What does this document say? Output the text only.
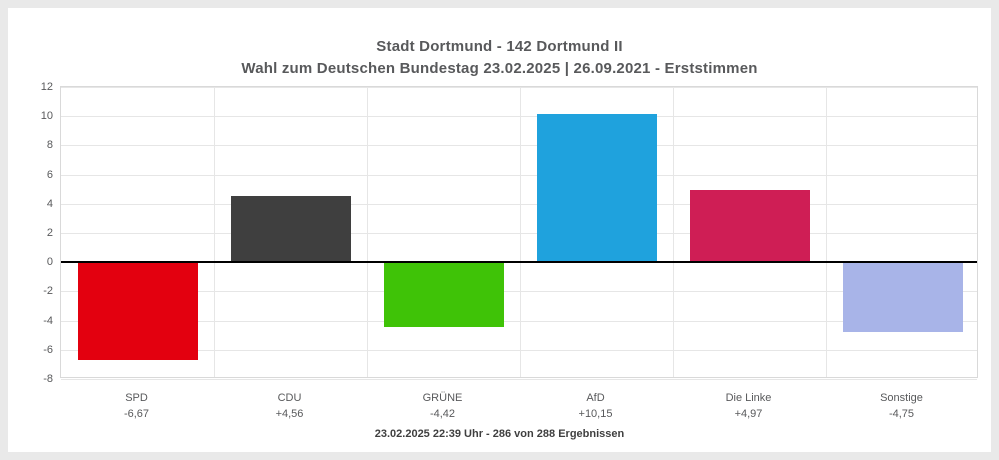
Stadt Dortmund - 142 Dortmund II
Wahl zum Deutschen Bundestag 23.02.2025 | 26.09.2021 - Erststimmen
12
10
8
6
4
2
0
-2
-4
-6
-8
SPD
-6,67
CDU
+4,56
GRÜNE
-4,42
AfD
+10,15
Die Linke
+4,97
Sonstige
-4,75
23.02.2025 22:39 Uhr - 286 von 288 Ergebnissen
